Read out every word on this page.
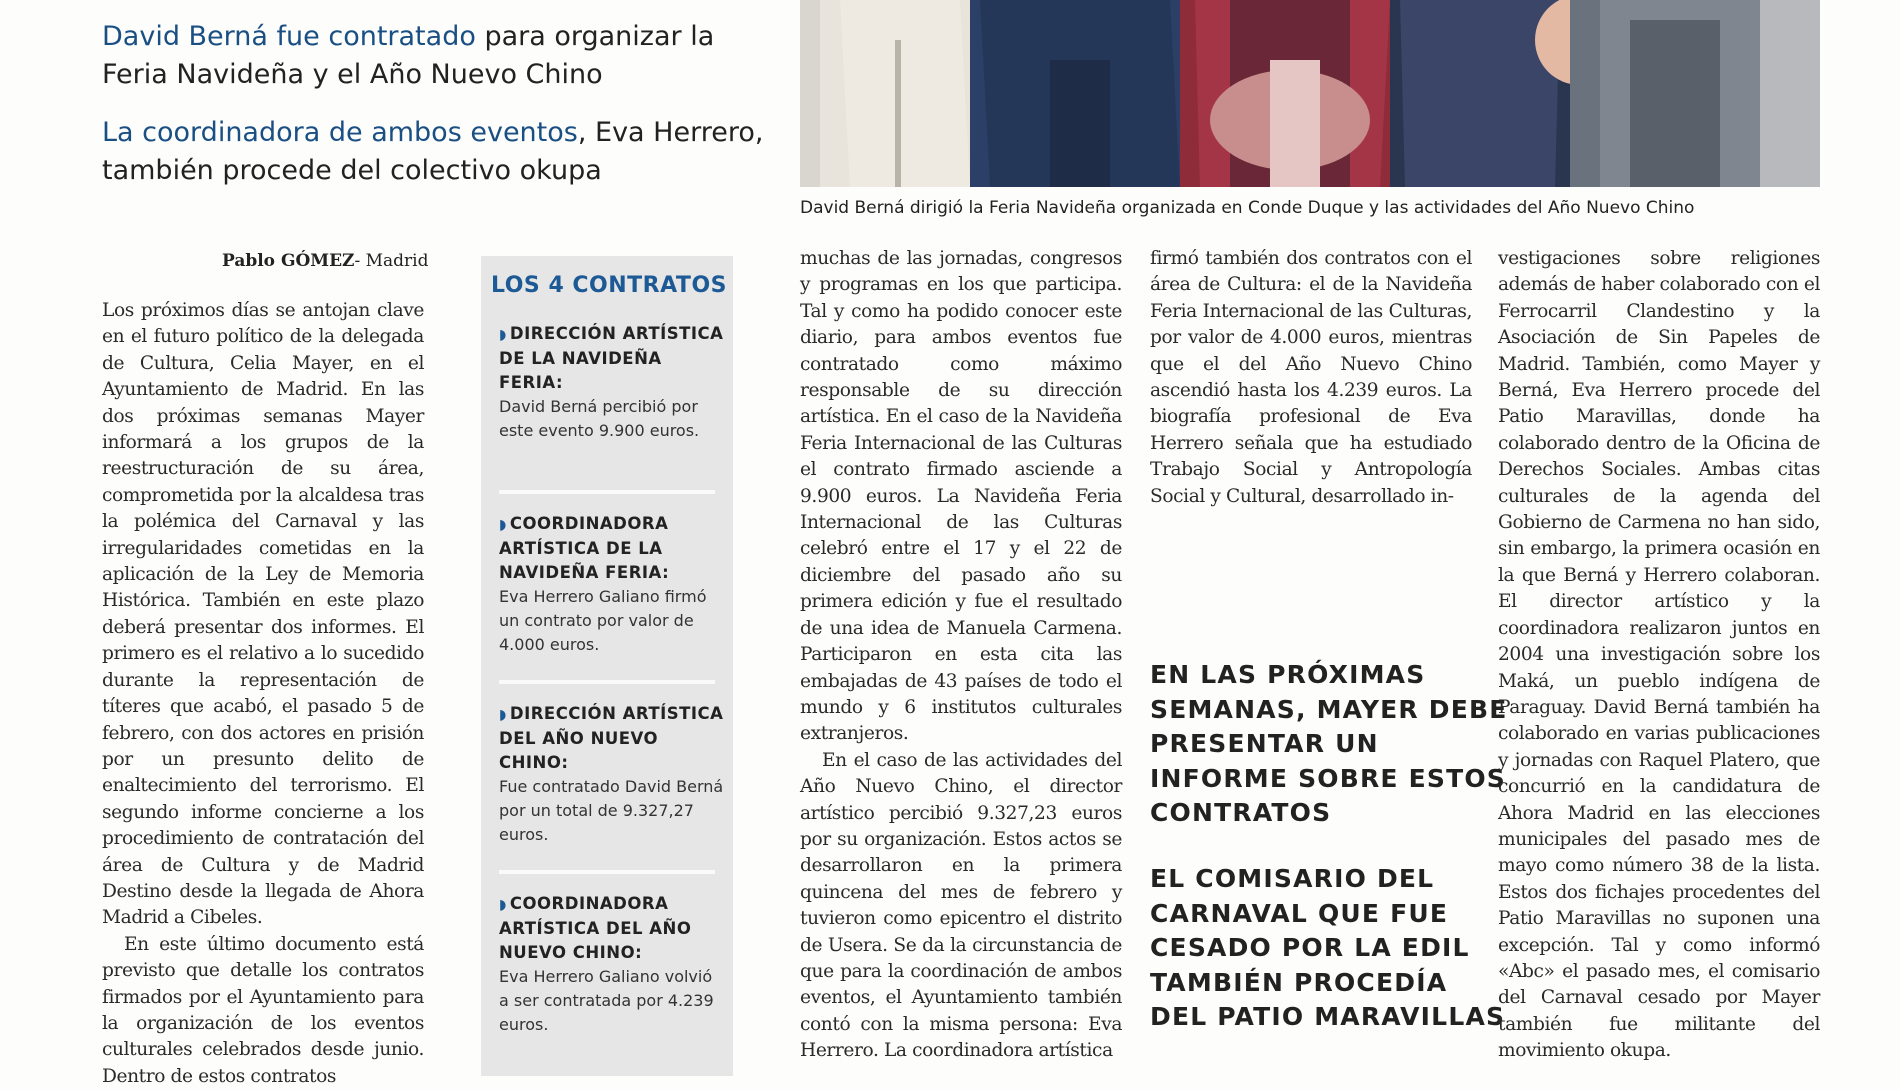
David Berná fue contratado para organizar la Feria Navideña y el Año Nuevo Chino
La coordinadora de ambos eventos, Eva Herrero, también procede del colectivo okupa
David Berná dirigió la Feria Navideña organizada en Conde Duque y las actividades del Año Nuevo Chino
Pablo GÓMEZ- Madrid

Los próximos días se antojan clave en el futuro político de la delegada de Cultura, Celia Mayer, en el Ayuntamiento de Madrid. En las dos próximas semanas Mayer informará a los grupos de la reestructuración de su área, comprometida por la alcaldesa tras la polémica del Carnaval y las irregularidades cometidas en la aplicación de la Ley de Memoria Histórica. También en este plazo deberá presentar dos informes. El primero es el relativo a lo sucedido durante la representación de títeres que acabó, el pasado 5 de febrero, con dos actores en prisión por un presunto delito de enaltecimiento del terrorismo. El segundo informe concierne a los procedimiento de contratación del área de Cultura y de Madrid Destino desde la llegada de Ahora Madrid a Cibeles.

En este último documento está previsto que detalle los contratos firmados por el Ayuntamiento para la organización de los eventos culturales celebrados desde junio. Dentro de estos contratos

LOS 4 CONTRATOS
◗ DIRECCIÓN ARTÍSTICA DE LA NAVIDEÑA FERIA:
David Berná percibió por este evento 9.900 euros.
◗ COORDINADORA ARTÍSTICA DE LA NAVIDEÑA FERIA:
Eva Herrero Galiano firmó un contrato por valor de 4.000 euros.
◗ DIRECCIÓN ARTÍSTICA DEL AÑO NUEVO CHINO:
Fue contratado David Berná por un total de 9.327,27 euros.
◗ COORDINADORA ARTÍSTICA DEL AÑO NUEVO CHINO:
Eva Herrero Galiano volvió a ser contratada por 4.239 euros.

muchas de las jornadas, congresos y programas en los que participa. Tal y como ha podido conocer este diario, para ambos eventos fue contratado como máximo responsable de su dirección artística. En el caso de la Navideña Feria Internacional de las Culturas el contrato firmado asciende a 9.900 euros. La Navideña Feria Internacional de las Culturas celebró entre el 17 y el 22 de diciembre del pasado año su primera edición y fue el resultado de una idea de Manuela Carmena. Participaron en esta cita las embajadas de 43 países de todo el mundo y 6 institutos culturales extranjeros.

En el caso de las actividades del Año Nuevo Chino, el director artístico percibió 9.327,23 euros por su organización. Estos actos se desarrollaron en la primera quincena del mes de febrero y tuvieron como epicentro el distrito de Usera. Se da la circunstancia de que para la coordinación de ambos eventos, el Ayuntamiento también contó con la misma persona: Eva Herrero. La coordinadora artística

firmó también dos contratos con el área de Cultura: el de la Navideña Feria Internacional de las Culturas, por valor de 4.000 euros, mientras que el del Año Nuevo Chino ascendió hasta los 4.239 euros. La biografía profesional de Eva Herrero señala que ha estudiado Trabajo Social y Antropología Social y Cultural, desarrollado in-

EN LAS PRÓXIMAS SEMANAS, MAYER DEBE PRESENTAR UN INFORME SOBRE ESTOS CONTRATOS
EL COMISARIO DEL CARNAVAL QUE FUE CESADO POR LA EDIL TAMBIÉN PROCEDÍA DEL PATIO MARAVILLAS

vestigaciones sobre religiones además de haber colaborado con el Ferrocarril Clandestino y la Asociación de Sin Papeles de Madrid. También, como Mayer y Berná, Eva Herrero procede del Patio Maravillas, donde ha colaborado dentro de la Oficina de Derechos Sociales. Ambas citas culturales de la agenda del Gobierno de Carmena no han sido, sin embargo, la primera ocasión en la que Berná y Herrero colaboran. El director artístico y la coordinadora realizaron juntos en 2004 una investigación sobre los Maká, un pueblo indígena de Paraguay. David Berná también ha colaborado en varias publicaciones y jornadas con Raquel Platero, que concurrió en la candidatura de Ahora Madrid en las elecciones municipales del pasado mes de mayo como número 38 de la lista. Estos dos fichajes procedentes del Patio Maravillas no suponen una excepción. Tal y como informó «Abc» el pasado mes, el comisario del Carnaval cesado por Mayer también fue militante del movimiento okupa.
